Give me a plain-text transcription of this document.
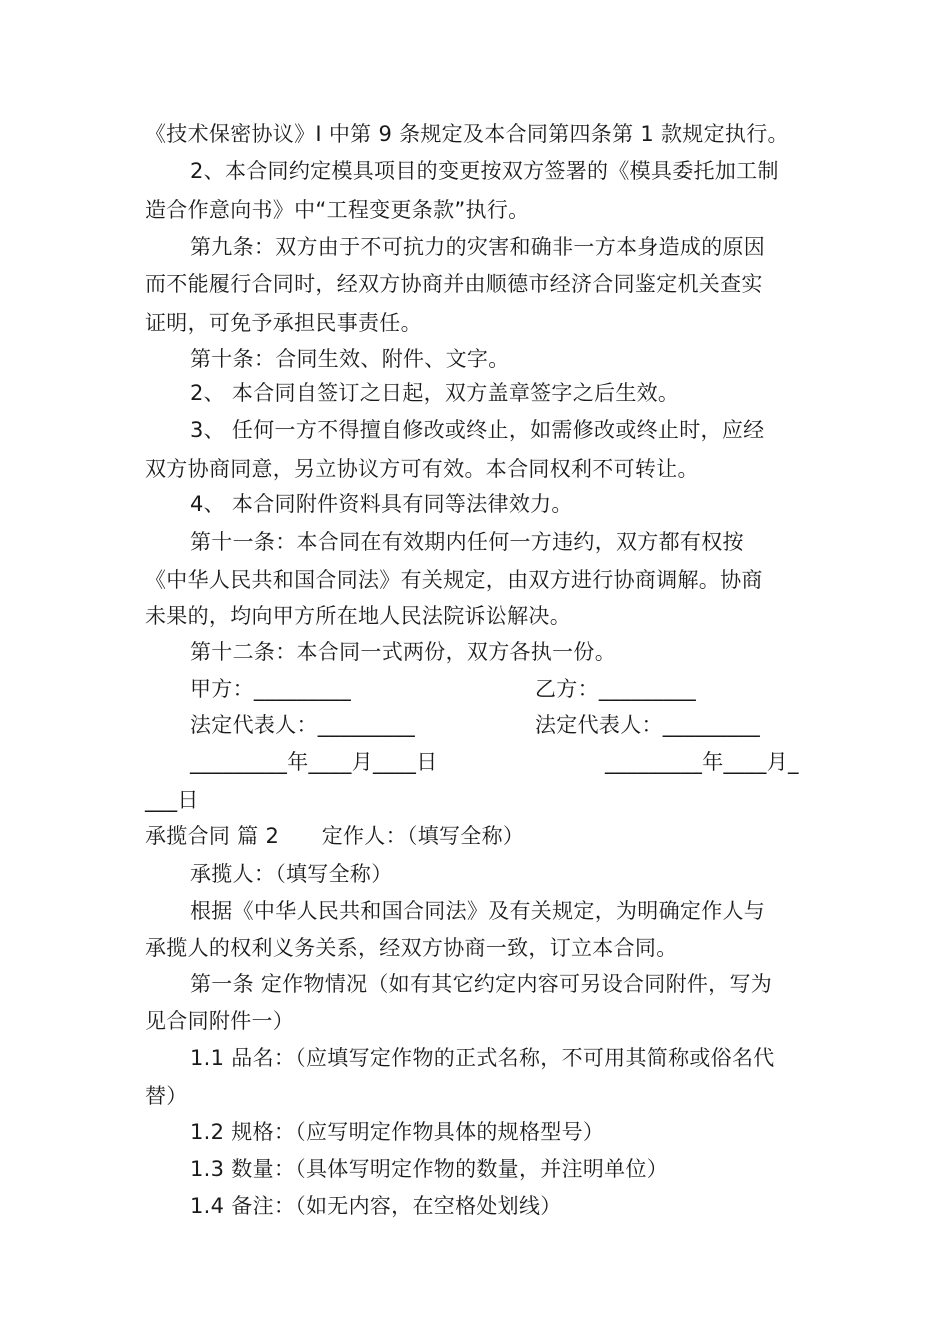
《技术保密协议》I 中第 9 条规定及本合同第四条第 1 款规定执行。
2、本合同约定模具项目的变更按双方签署的《模具委托加工制
造合作意向书》中“工程变更条款”执行。
第九条：双方由于不可抗力的灾害和确非一方本身造成的原因
而不能履行合同时，经双方协商并由顺德市经济合同鉴定机关查实
证明，可免予承担民事责任。
第十条：合同生效、附件、文字。
2、 本合同自签订之日起，双方盖章签字之后生效。
3、 任何一方不得擅自修改或终止，如需修改或终止时，应经
双方协商同意，另立协议方可有效。本合同权利不可转让。
4、 本合同附件资料具有同等法律效力。
第十一条：本合同在有效期内任何一方违约，双方都有权按
《中华人民共和国合同法》有关规定，由双方进行协商调解。协商
未果的，均向甲方所在地人民法院诉讼解决。
第十二条：本合同一式两份，双方各执一份。
甲方：_________	乙方：_________
法定代表人：_________	法定代表人：_________
_________年____月____日	_________年____月_
___日
承揽合同 篇 2　　定作人：（填写全称）
承揽人：（填写全称）
根据《中华人民共和国合同法》及有关规定，为明确定作人与
承揽人的权利义务关系，经双方协商一致，订立本合同。
第一条 定作物情况（如有其它约定内容可另设合同附件，写为
见合同附件一）
1.1 品名：（应填写定作物的正式名称，不可用其简称或俗名代
替）
1.2 规格：（应写明定作物具体的规格型号）
1.3 数量：（具体写明定作物的数量，并注明单位）
1.4 备注：（如无内容，在空格处划线）
